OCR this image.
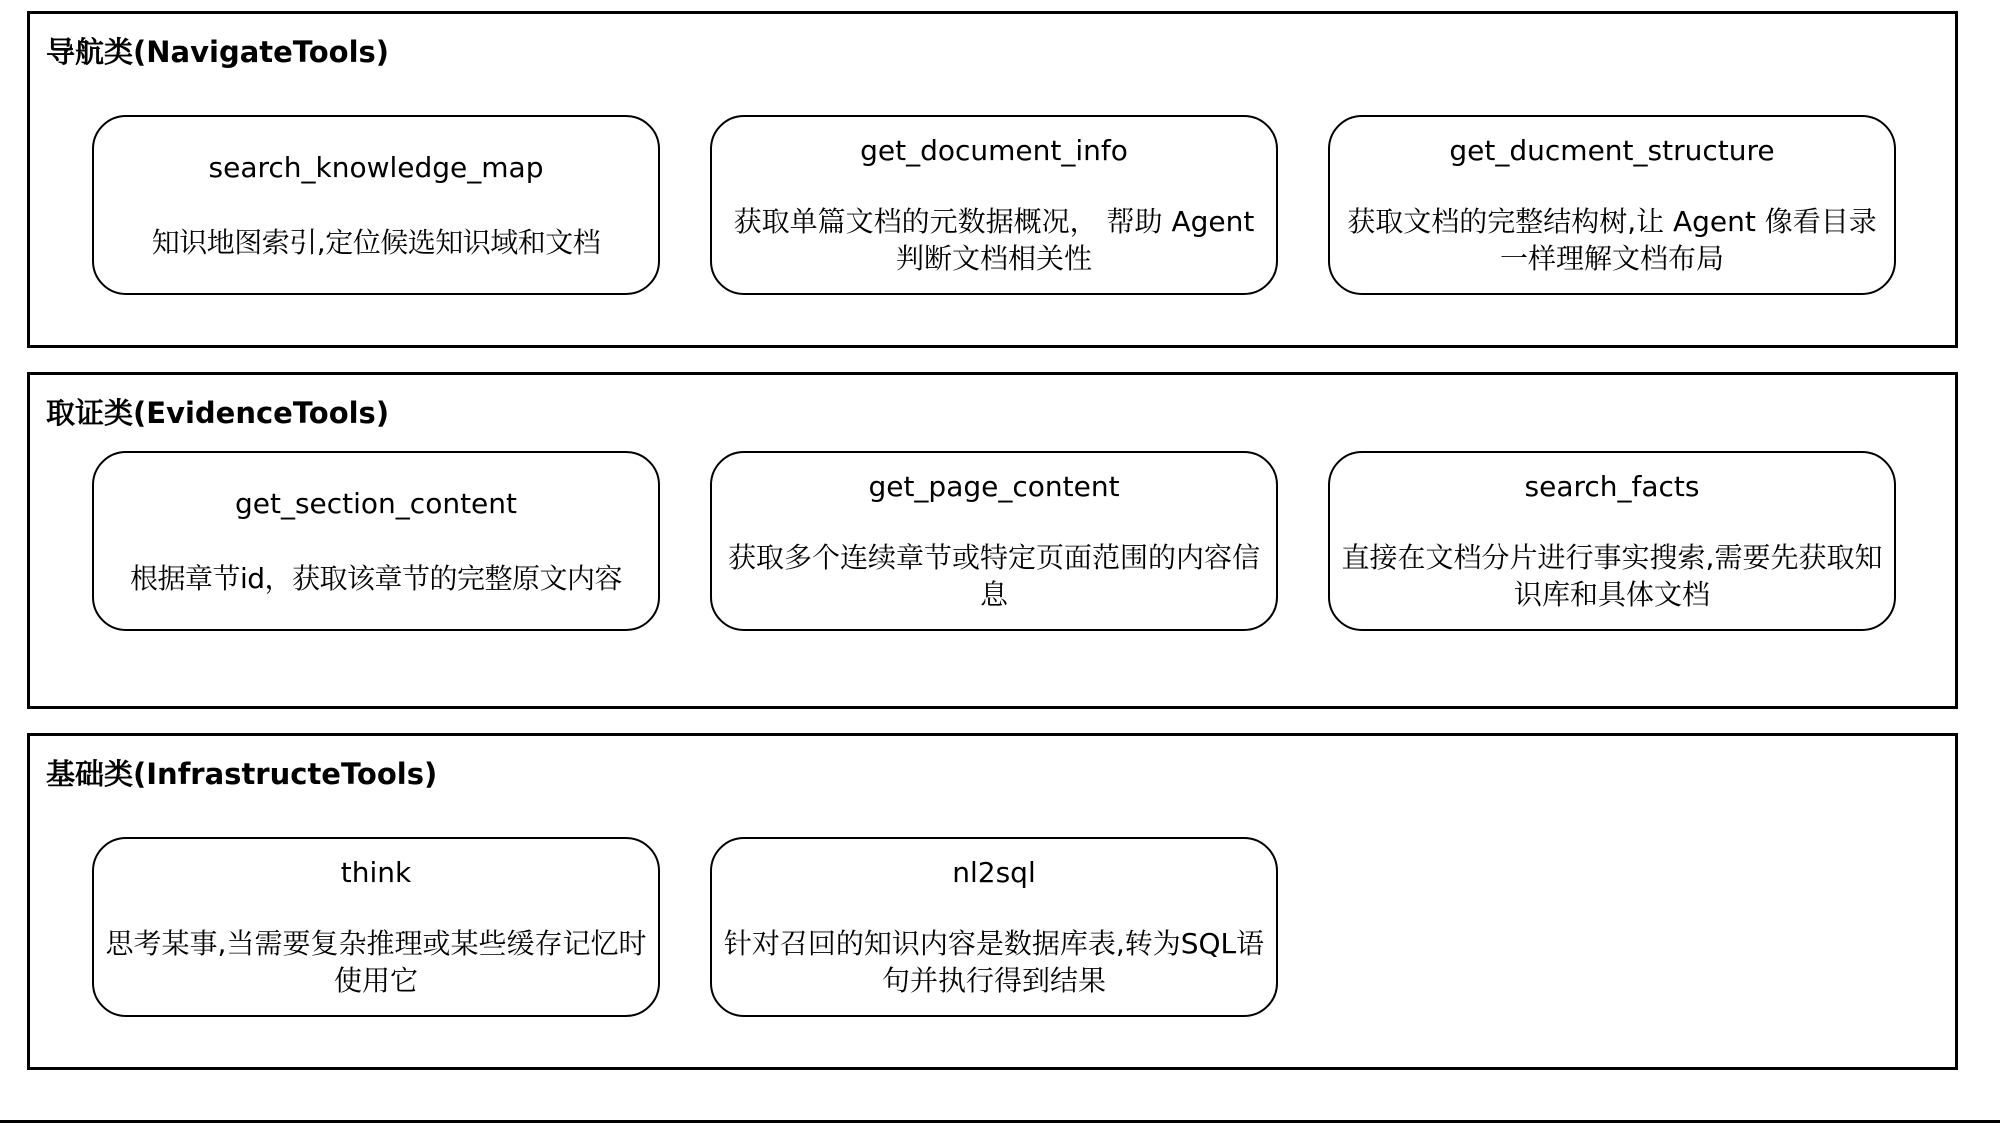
导航类(NavigateTools)
search_knowledge_map
知识地图索引,定位候选知识域和文档
get_document_info
获取单篇文档的元数据概况， 帮助 Agent 判断文档相关性
get_ducment_structure
获取文档的完整结构树,让 Agent 像看目录一样理解文档布局
取证类(EvidenceTools)
get_section_content
根据章节id，获取该章节的完整原文内容
get_page_content
获取多个连续章节或特定页面范围的内容信息
search_facts
直接在文档分片进行事实搜索,需要先获取知识库和具体文档
基础类(InfrastructeTools)
think
思考某事,当需要复杂推理或某些缓存记忆时使用它
nl2sql
针对召回的知识内容是数据库表,转为SQL语句并执行得到结果
